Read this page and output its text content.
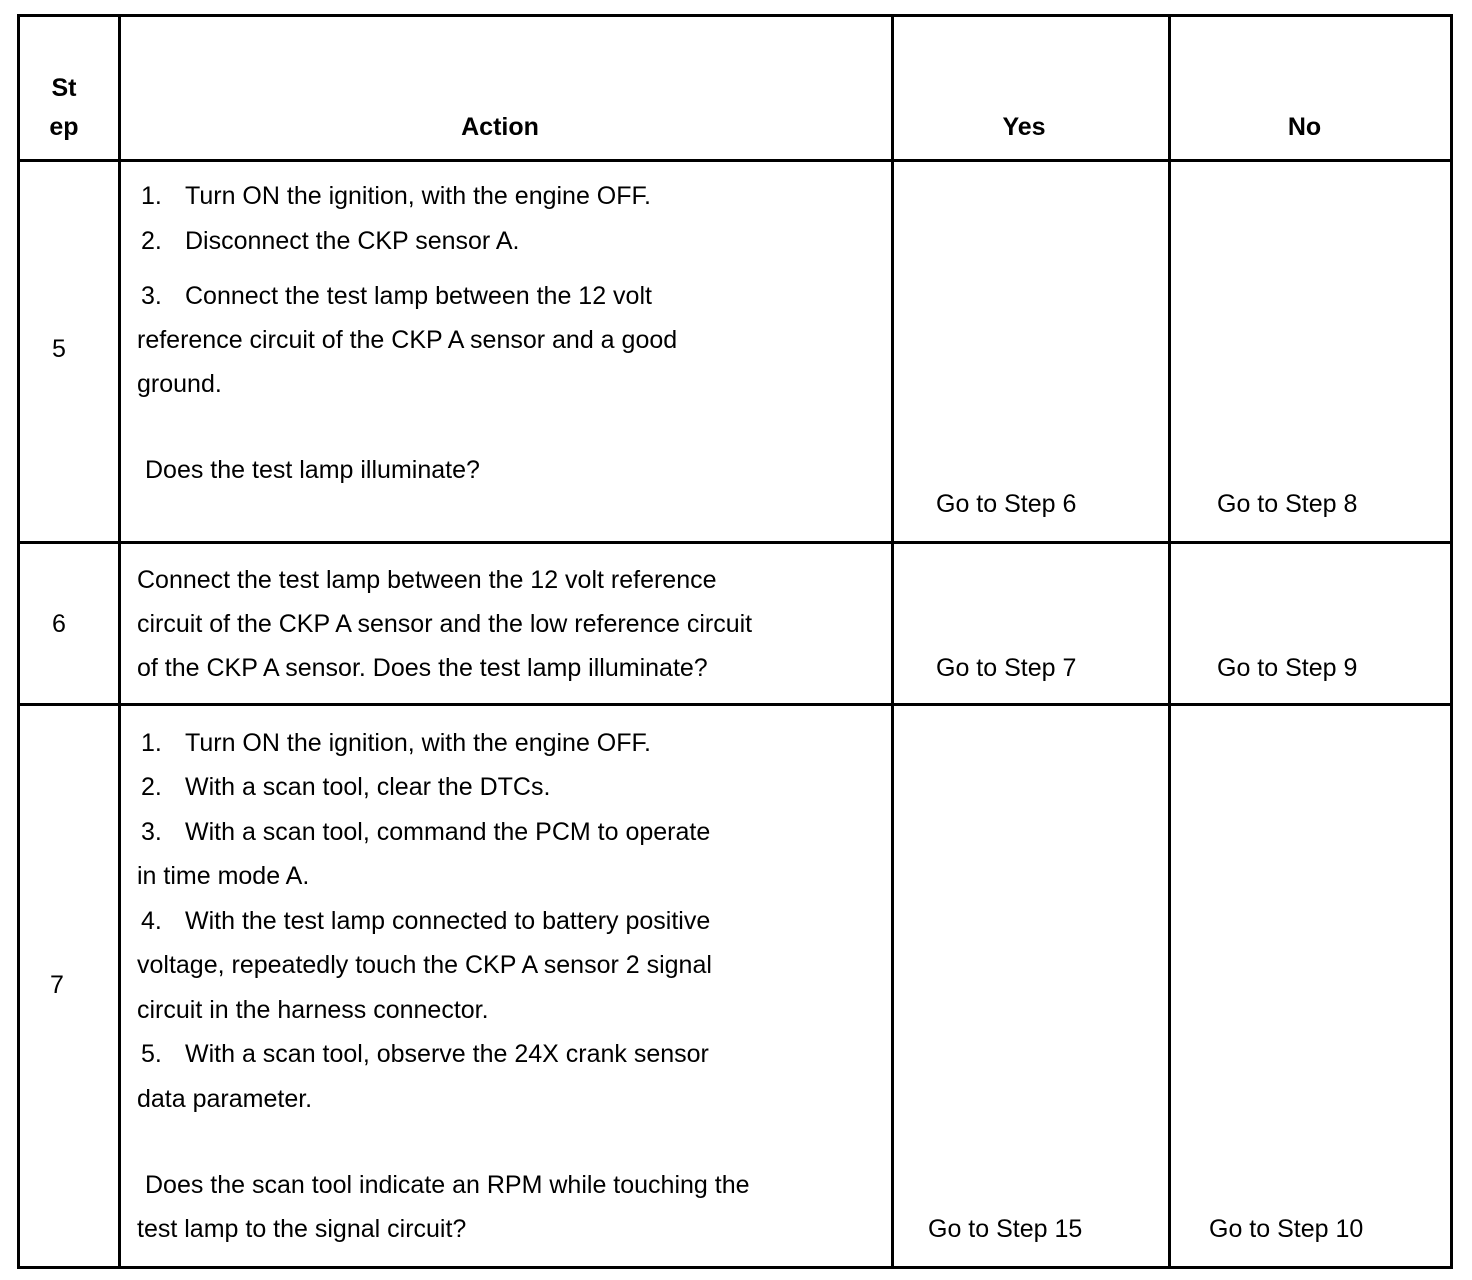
St
ep	Action	Yes	No
5
1. Turn ON the ignition, with the engine OFF.
2. Disconnect the CKP sensor A.
3. Connect the test lamp between the 12 volt
reference circuit of the CKP A sensor and a good
ground.
Does the test lamp illuminate?
Go to Step 6	Go to Step 8
6
Connect the test lamp between the 12 volt reference
circuit of the CKP A sensor and the low reference circuit
of the CKP A sensor. Does the test lamp illuminate?	Go to Step 7	Go to Step 9
7
1. Turn ON the ignition, with the engine OFF.
2. With a scan tool, clear the DTCs.
3. With a scan tool, command the PCM to operate
in time mode A.
4. With the test lamp connected to battery positive
voltage, repeatedly touch the CKP A sensor 2 signal
circuit in the harness connector.
5. With a scan tool, observe the 24X crank sensor
data parameter.
Does the scan tool indicate an RPM while touching the
test lamp to the signal circuit?	Go to Step 15	Go to Step 10
